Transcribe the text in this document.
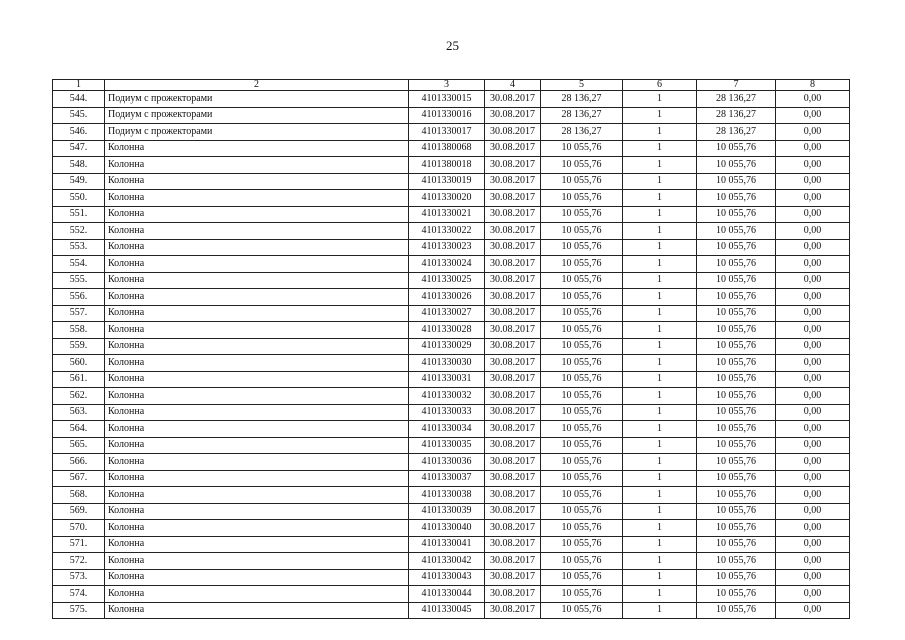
25
1	2	3	4	5	6	7	8
544.	Подиум с прожекторами	4101330015	30.08.2017	28 136,27	1	28 136,27	0,00
545.	Подиум с прожекторами	4101330016	30.08.2017	28 136,27	1	28 136,27	0,00
546.	Подиум с прожекторами	4101330017	30.08.2017	28 136,27	1	28 136,27	0,00
547.	Колонна	4101380068	30.08.2017	10 055,76	1	10 055,76	0,00
548.	Колонна	4101380018	30.08.2017	10 055,76	1	10 055,76	0,00
549.	Колонна	4101330019	30.08.2017	10 055,76	1	10 055,76	0,00
550.	Колонна	4101330020	30.08.2017	10 055,76	1	10 055,76	0,00
551.	Колонна	4101330021	30.08.2017	10 055,76	1	10 055,76	0,00
552.	Колонна	4101330022	30.08.2017	10 055,76	1	10 055,76	0,00
553.	Колонна	4101330023	30.08.2017	10 055,76	1	10 055,76	0,00
554.	Колонна	4101330024	30.08.2017	10 055,76	1	10 055,76	0,00
555.	Колонна	4101330025	30.08.2017	10 055,76	1	10 055,76	0,00
556.	Колонна	4101330026	30.08.2017	10 055,76	1	10 055,76	0,00
557.	Колонна	4101330027	30.08.2017	10 055,76	1	10 055,76	0,00
558.	Колонна	4101330028	30.08.2017	10 055,76	1	10 055,76	0,00
559.	Колонна	4101330029	30.08.2017	10 055,76	1	10 055,76	0,00
560.	Колонна	4101330030	30.08.2017	10 055,76	1	10 055,76	0,00
561.	Колонна	4101330031	30.08.2017	10 055,76	1	10 055,76	0,00
562.	Колонна	4101330032	30.08.2017	10 055,76	1	10 055,76	0,00
563.	Колонна	4101330033	30.08.2017	10 055,76	1	10 055,76	0,00
564.	Колонна	4101330034	30.08.2017	10 055,76	1	10 055,76	0,00
565.	Колонна	4101330035	30.08.2017	10 055,76	1	10 055,76	0,00
566.	Колонна	4101330036	30.08.2017	10 055,76	1	10 055,76	0,00
567.	Колонна	4101330037	30.08.2017	10 055,76	1	10 055,76	0,00
568.	Колонна	4101330038	30.08.2017	10 055,76	1	10 055,76	0,00
569.	Колонна	4101330039	30.08.2017	10 055,76	1	10 055,76	0,00
570.	Колонна	4101330040	30.08.2017	10 055,76	1	10 055,76	0,00
571.	Колонна	4101330041	30.08.2017	10 055,76	1	10 055,76	0,00
572.	Колонна	4101330042	30.08.2017	10 055,76	1	10 055,76	0,00
573.	Колонна	4101330043	30.08.2017	10 055,76	1	10 055,76	0,00
574.	Колонна	4101330044	30.08.2017	10 055,76	1	10 055,76	0,00
575.	Колонна	4101330045	30.08.2017	10 055,76	1	10 055,76	0,00
